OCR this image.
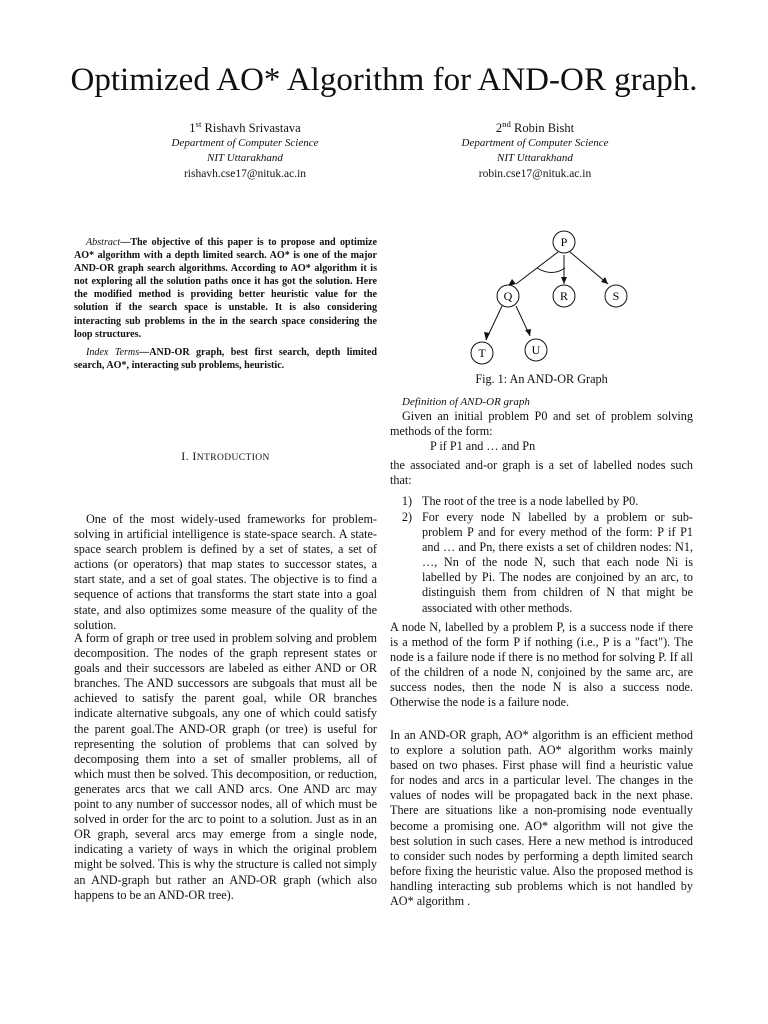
Optimized AO* Algorithm for AND-OR graph.
1st Rishavh Srivastava
Department of Computer Science
NIT Uttarakhand
rishavh.cse17@nituk.ac.in
2nd Robin Bisht
Department of Computer Science
NIT Uttarakhand
robin.cse17@nituk.ac.in
Abstract—The objective of this paper is to propose and optimize AO* algorithm with a depth limited search. AO* is one of the major AND-OR graph search algorithms. According to AO* algorithm it is not exploring all the solution paths once it has got the solution. Here the modified method is providing better heuristic value for the solution if the search space is unstable. It is also considering interacting sub problems in the in the search space considering the loop structures.
Index Terms—AND-OR graph, best first search, depth limited search, AO*, interacting sub problems, heuristic.
I. INTRODUCTION
One of the most widely-used frameworks for problem-solving in artificial intelligence is state-space search. A state-space search problem is defined by a set of states, a set of actions (or operators) that map states to successor states, a start state, and a set of goal states. The objective is to find a sequence of actions that transforms the start state into a goal state, and also optimizes some measure of the quality of the solution.
A form of graph or tree used in problem solving and problem decomposition. The nodes of the graph represent states or goals and their successors are labeled as either AND or OR branches. The AND successors are subgoals that must all be achieved to satisfy the parent goal, while OR branches indicate alternative subgoals, any one of which could satisfy the parent goal.The AND-OR graph (or tree) is useful for representing the solution of problems that can solved by decomposing them into a set of smaller problems, all of which must then be solved. This decomposition, or reduction, generates arcs that we call AND arcs. One AND arc may point to any number of successor nodes, all of which must be solved in order for the arc to point to a solution. Just as in an OR graph, several arcs may emerge from a single node, indicating a variety of ways in which the original problem might be solved. This is why the structure is called not simply an AND-graph but rather an AND-OR graph (which also happens to be an AND-OR tree).
P
Q	R	S
T	U
Fig. 1: An AND-OR Graph
Definition of AND-OR graph
Given an initial problem P0 and set of problem solving methods of the form:
P if P1 and … and Pn
the associated and-or graph is a set of labelled nodes such that:
1) The root of the tree is a node labelled by P0.
2) For every node N labelled by a problem or sub-problem P and for every method of the form: P if P1 and … and Pn, there exists a set of children nodes: N1, …, Nn of the node N, such that each node Ni is labelled by Pi. The nodes are conjoined by an arc, to distinguish them from children of N that might be associated with other methods.
A node N, labelled by a problem P, is a success node if there is a method of the form P if nothing (i.e., P is a "fact"). The node is a failure node if there is no method for solving P. If all of the children of a node N, conjoined by the same arc, are success nodes, then the node N is also a success node. Otherwise the node is a failure node.
In an AND-OR graph, AO* algorithm is an efficient method to explore a solution path. AO* algorithm works mainly based on two phases. First phase will find a heuristic value for nodes and arcs in a particular level. The changes in the values of nodes will be propagated back in the next phase. There are situations like a non-promising node eventually become a promising one. AO* algorithm will not give the best solution in such cases. Here a new method is introduced to consider such nodes by performing a depth limited search before fixing the heuristic value. Also the proposed method is handling interacting sub problems which is not handled by AO* algorithm .
